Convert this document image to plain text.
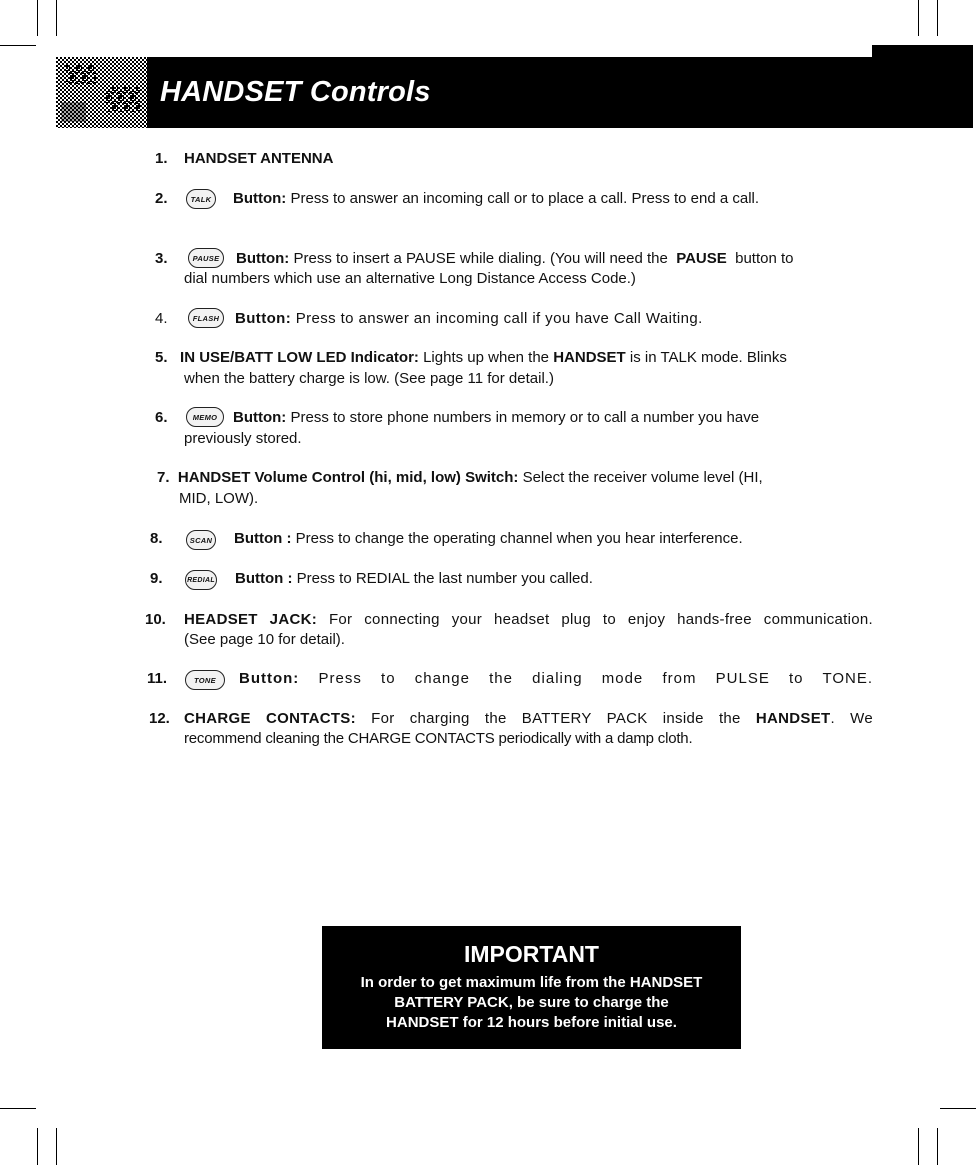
HANDSET Controls
1. HANDSET ANTENNA
2.	TALK	Button: Press to answer an incoming call or to place a call. Press to end a call.
3.	PAUSE	Button: Press to insert a PAUSE while dialing. (You will need the PAUSE button to
dial numbers which use an alternative Long Distance Access Code.)
4.	FLASH	Button: Press to answer an incoming call if you have Call Waiting.
5. IN USE/BATT LOW LED Indicator: Lights up when the HANDSET is in TALK mode. Blinks
when the battery charge is low. (See page 11 for detail.)
6.	MEMO	Button: Press to store phone numbers in memory or to call a number you have
previously stored.
7. HANDSET Volume Control (hi, mid, low) Switch: Select the receiver volume level (HI,
MID, LOW).
8.	SCAN Button : Press to change the operating channel when you hear interference.
9.	REDIAL Button : Press to REDIAL the last number you called.
10. HEADSET JACK: For connecting your headset plug to enjoy hands-free communication.
(See page 10 for detail).
11.	TONE	Button: Press to change the dialing mode from PULSE to TONE.
12. CHARGE CONTACTS: For charging the BATTERY PACK inside the HANDSET. We
recommend cleaning the CHARGE CONTACTS periodically with a damp cloth.
IMPORTANT
In order to get maximum life from the HANDSET
BATTERY PACK, be sure to charge the
HANDSET for 12 hours before initial use.
